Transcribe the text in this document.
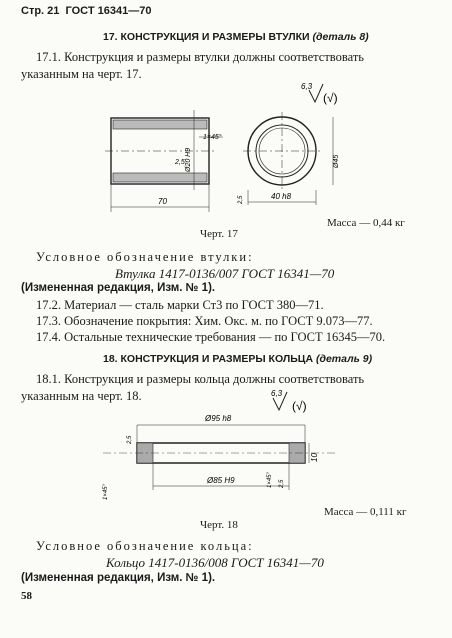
Стр. 21 ГОСТ 16341—70
17. КОНСТРУКЦИЯ И РАЗМЕРЫ ВТУЛКИ (деталь 8)
17.1. Конструкция и размеры втулки должны соответствовать
указанным на черт. 17.
6,3
(√)
70
1×45°
Ø20 H9
2,5	Ø45
40 h8
2,5
Масса — 0,44 кг
Черт. 17
Условное обозначение втулки:
Втулка 1417-0136/007 ГОСТ 16341—70
(Измененная редакция, Изм. № 1).
17.2. Материал — сталь марки Ст3 по ГОСТ 380—71.
17.3. Обозначение покрытия: Хим. Окс. м. по ГОСТ 9.073—77.
17.4. Остальные технические требования — по ГОСТ 16345—70.
18. КОНСТРУКЦИЯ И РАЗМЕРЫ КОЛЬЦА (деталь 9)
18.1. Конструкция и размеры кольца должны соответствовать
указанным на черт. 18.	6,3
(√)
Ø95 h8
Ø85 H9
10
2,5
2,5
1×45°
1×45°
Масса — 0,111 кг
Черт. 18
Условное обозначение кольца:
Кольцо 1417-0136/008 ГОСТ 16341—70
(Измененная редакция, Изм. № 1).
58
